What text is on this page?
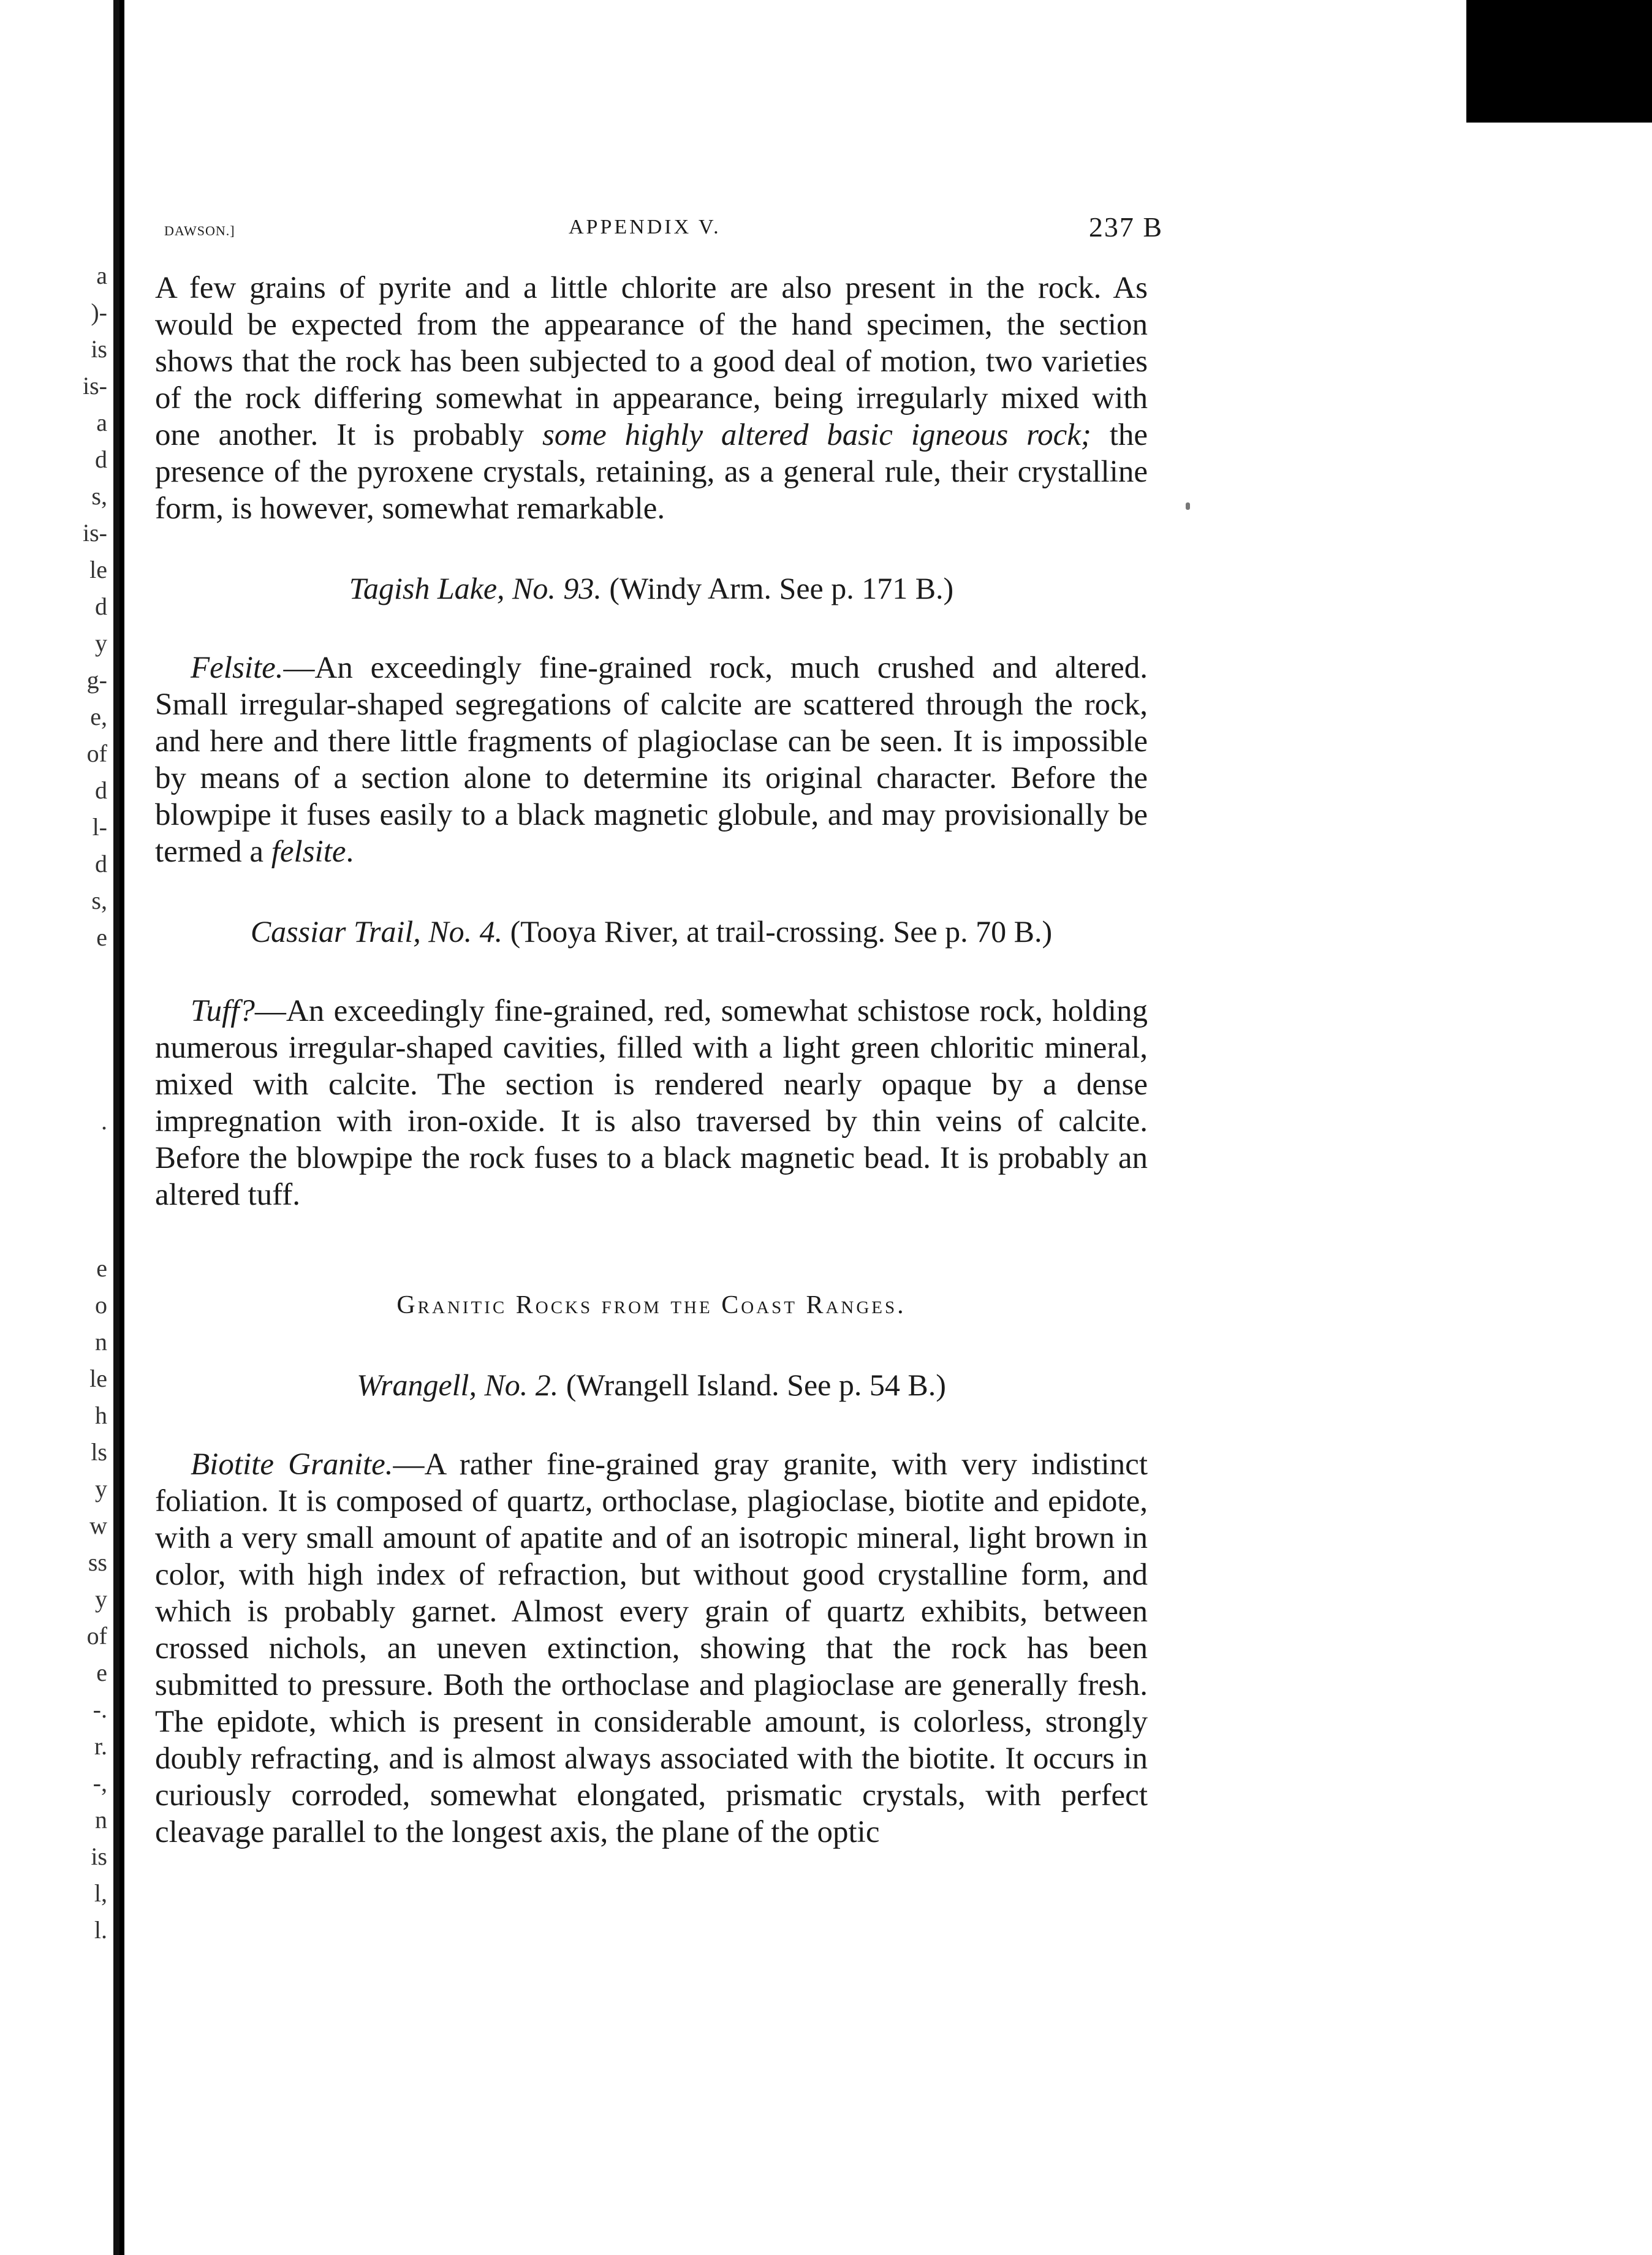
a
)-
is
is-
a
d
s,
is-
le
d
y
g-
e,
of
d
l-
d
s,
e

.

e
o
n
le
h
ls
y
w
ss
y
of
e
-.
r.
-,
n
is
l,
l.
DAWSON.]	APPENDIX V.	237 B

A few grains of pyrite and a little chlorite are also present in the rock. As would be expected from the appearance of the hand specimen, the section shows that the rock has been subjected to a good deal of motion, two varieties of the rock differing somewhat in appearance, being irregularly mixed with one another. It is probably some highly altered basic igneous rock; the presence of the pyroxene crystals, retaining, as a general rule, their crystalline form, is however, somewhat remarkable.

Tagish Lake, No. 93. (Windy Arm. See p. 171 B.)

Felsite.—An exceedingly fine-grained rock, much crushed and altered. Small irregular-shaped segregations of calcite are scattered through the rock, and here and there little fragments of plagioclase can be seen. It is impossible by means of a section alone to determine its original character. Before the blowpipe it fuses easily to a black magnetic globule, and may provisionally be termed a felsite.

Cassiar Trail, No. 4. (Tooya River, at trail-crossing. See p. 70 B.)

Tuff?—An exceedingly fine-grained, red, somewhat schistose rock, holding numerous irregular-shaped cavities, filled with a light green chloritic mineral, mixed with calcite. The section is rendered nearly opaque by a dense impregnation with iron-oxide. It is also traversed by thin veins of calcite. Before the blowpipe the rock fuses to a black magnetic bead. It is probably an altered tuff.

Granitic Rocks from the Coast Ranges.
Wrangell, No. 2. (Wrangell Island. See p. 54 B.)

Biotite Granite.—A rather fine-grained gray granite, with very indistinct foliation. It is composed of quartz, orthoclase, plagioclase, biotite and epidote, with a very small amount of apatite and of an isotropic mineral, light brown in color, with high index of refraction, but without good crystalline form, and which is probably garnet. Almost every grain of quartz exhibits, between crossed nichols, an uneven extinction, showing that the rock has been submitted to pressure. Both the orthoclase and plagioclase are generally fresh. The epidote, which is present in considerable amount, is colorless, strongly doubly refracting, and is almost always associated with the biotite. It occurs in curiously corroded, somewhat elongated, prismatic crystals, with perfect cleavage parallel to the longest axis, the plane of the optic
